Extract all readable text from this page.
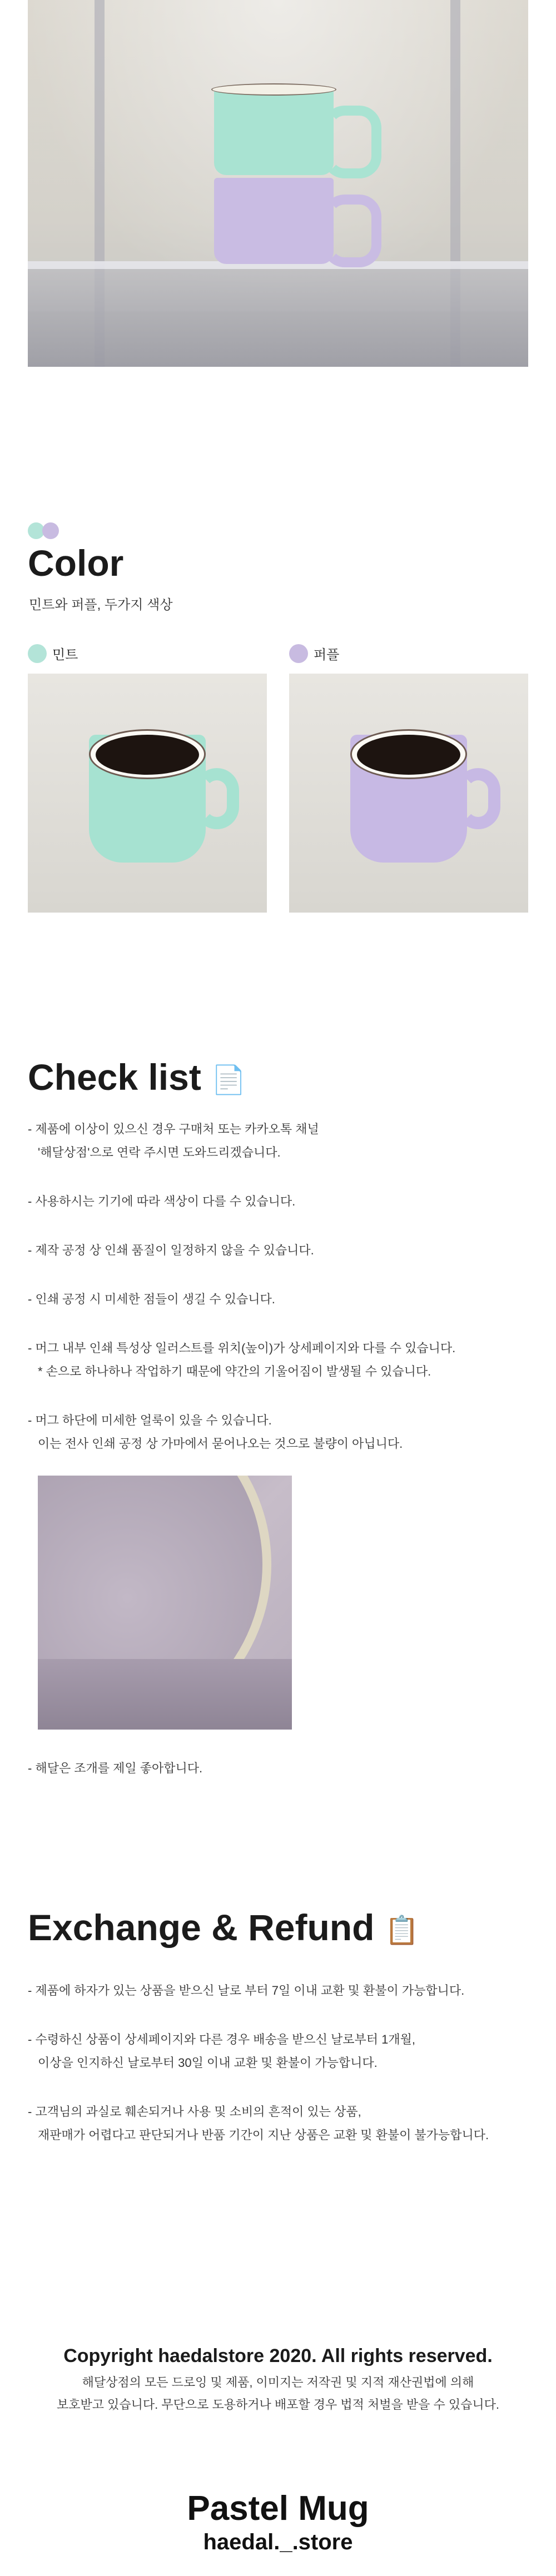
Color
민트와 퍼플, 두가지 색상
민트	퍼플
Check list 📄
- 제품에 이상이 있으신 경우 구매처 또는 카카오톡 채널
'해달상점'으로 연락 주시면 도와드리겠습니다.
- 사용하시는 기기에 따라 색상이 다를 수 있습니다.
- 제작 공정 상 인쇄 품질이 일정하지 않을 수 있습니다.
- 인쇄 공정 시 미세한 점들이 생길 수 있습니다.
- 머그 내부 인쇄 특성상 일러스트를 위치(높이)가 상세페이지와 다를 수 있습니다.
* 손으로 하나하나 작업하기 때문에 약간의 기울어짐이 발생될 수 있습니다.
- 머그 하단에 미세한 얼룩이 있을 수 있습니다.
이는 전사 인쇄 공정 상 가마에서 묻어나오는 것으로 불량이 아닙니다.
- 해달은 조개를 제일 좋아합니다.
Exchange & Refund 📋
- 제품에 하자가 있는 상품을 받으신 날로 부터 7일 이내 교환 및 환불이 가능합니다.
- 수령하신 상품이 상세페이지와 다른 경우 배송을 받으신 날로부터 1개월,
이상을 인지하신 날로부터 30일 이내 교환 및 환불이 가능합니다.
- 고객님의 과실로 훼손되거나 사용 및 소비의 흔적이 있는 상품,
재판매가 어렵다고 판단되거나 반품 기간이 지난 상품은 교환 및 환불이 불가능합니다.
Copyright haedalstore 2020. All rights reserved.
해달상점의 모든 드로잉 및 제품, 이미지는 저작권 및 지적 재산권법에 의해
보호받고 있습니다. 무단으로 도용하거나 배포할 경우 법적 처벌을 받을 수 있습니다.
Pastel Mug
haedal._.store
